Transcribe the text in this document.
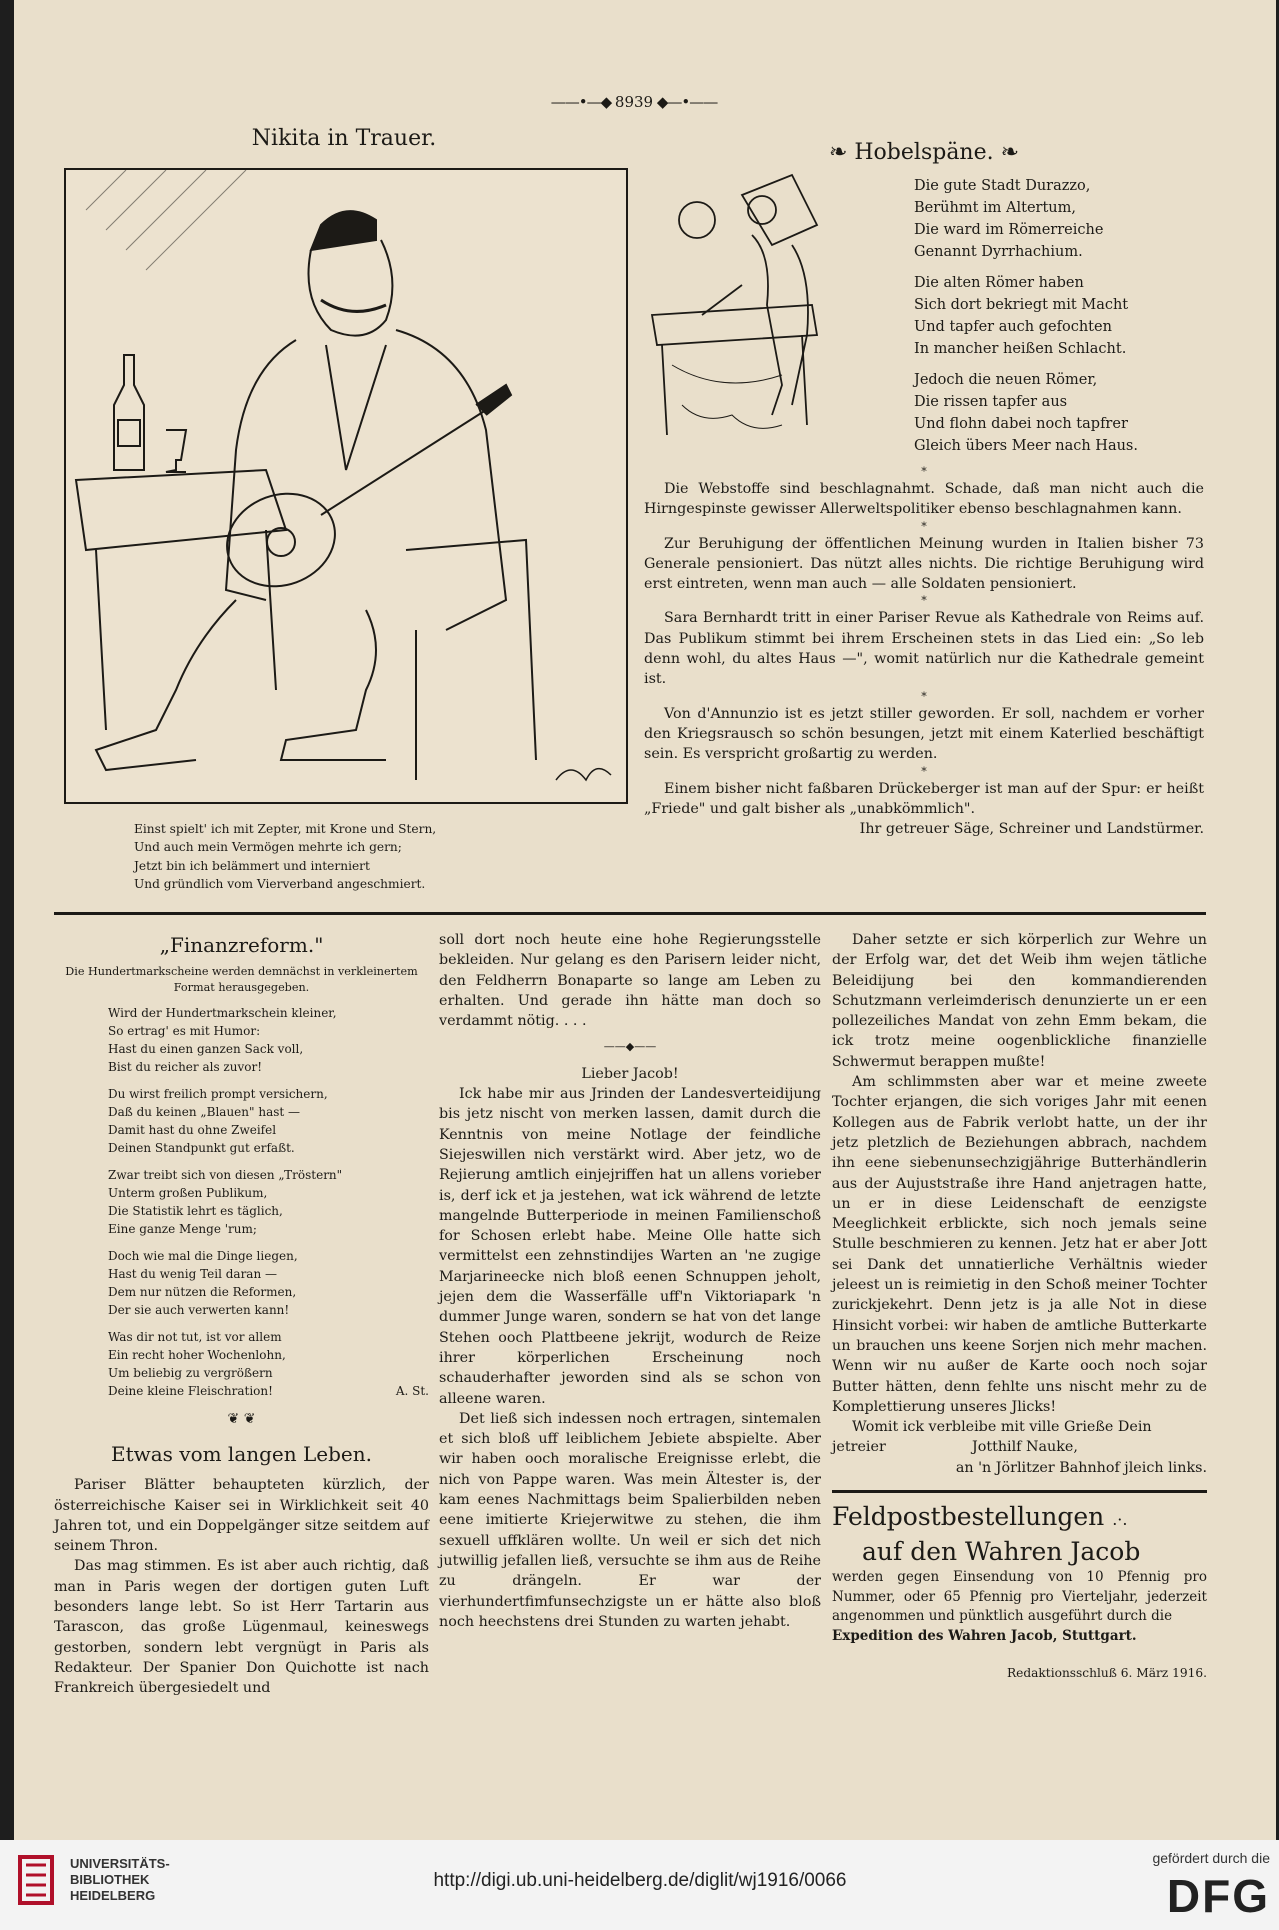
——•—◆ 8939 ◆—•——
Nikita in Trauer.

Einst spielt' ich mit Zepter, mit Krone und Stern,

Und auch mein Vermögen mehrte ich gern;

Jetzt bin ich belämmert und interniert

Und gründlich vom Vierverband angeschmiert.

❧ Hobelspäne. ❧

Die gute Stadt Durazzo,

Berühmt im Altertum,

Die ward im Römerreiche

Genannt Dyrrhachium.

Die alten Römer haben

Sich dort bekriegt mit Macht

Und tapfer auch gefochten

In mancher heißen Schlacht.

Jedoch die neuen Römer,

Die rissen tapfer aus

Und flohn dabei noch tapfrer

Gleich übers Meer nach Haus.

*

Die Webstoffe sind beschlagnahmt. Schade, daß man nicht auch die Hirngespinste gewisser Allerweltspolitiker ebenso beschlagnahmen kann.

*

Zur Beruhigung der öffentlichen Meinung wurden in Italien bisher 73 Generale pensioniert. Das nützt alles nichts. Die richtige Beruhigung wird erst eintreten, wenn man auch — alle Soldaten pensioniert.

*

Sara Bernhardt tritt in einer Pariser Revue als Kathedrale von Reims auf. Das Publikum stimmt bei ihrem Erscheinen stets in das Lied ein: „So leb denn wohl, du altes Haus —", womit natürlich nur die Kathedrale gemeint ist.

*

Von d'Annunzio ist es jetzt stiller geworden. Er soll, nachdem er vorher den Kriegsrausch so schön besungen, jetzt mit einem Katerlied beschäftigt sein. Es verspricht großartig zu werden.

*

Einem bisher nicht faßbaren Drückeberger ist man auf der Spur: er heißt „Friede" und galt bisher als „unabkömmlich".

Ihr getreuer Säge, Schreiner und Landstürmer.

„Finanzreform."

Die Hundertmarkscheine werden demnächst in verkleinertem Format herausgegeben.

Wird der Hundertmarkschein kleiner,

So ertrag' es mit Humor:

Hast du einen ganzen Sack voll,

Bist du reicher als zuvor!

Du wirst freilich prompt versichern,

Daß du keinen „Blauen" hast —

Damit hast du ohne Zweifel

Deinen Standpunkt gut erfaßt.

Zwar treibt sich von diesen „Tröstern"

Unterm großen Publikum,

Die Statistik lehrt es täglich,

Eine ganze Menge 'rum;

Doch wie mal die Dinge liegen,

Hast du wenig Teil daran —

Dem nur nützen die Reformen,

Der sie auch verwerten kann!

Was dir not tut, ist vor allem

Ein recht hoher Wochenlohn,

Um beliebig zu vergrößern

Deine kleine Fleischration!	A. St.

❦ ❦

Etwas vom langen Leben.

Pariser Blätter behaupteten kürzlich, der österreichische Kaiser sei in Wirklichkeit seit 40 Jahren tot, und ein Doppelgänger sitze seitdem auf seinem Thron.

Das mag stimmen. Es ist aber auch richtig, daß man in Paris wegen der dortigen guten Luft besonders lange lebt. So ist Herr Tartarin aus Tarascon, das große Lügenmaul, keineswegs gestorben, sondern lebt vergnügt in Paris als Redakteur. Der Spanier Don Quichotte ist nach Frankreich übergesiedelt und

soll dort noch heute eine hohe Regierungsstelle bekleiden. Nur gelang es den Parisern leider nicht, den Feldherrn Bonaparte so lange am Leben zu erhalten. Und gerade ihn hätte man doch so verdammt nötig. . . .

——◆——

Lieber Jacob!

Ick habe mir aus Jrinden der Landesverteidijung bis jetz nischt von merken lassen, damit durch die Kenntnis von meine Notlage der feindliche Siejeswillen nich verstärkt wird. Aber jetz, wo de Rejierung amtlich einjejriffen hat un allens vorieber is, derf ick et ja jestehen, wat ick während de letzte mangelnde Butterperiode in meinen Familienschoß for Schosen erlebt habe. Meine Olle hatte sich vermittelst een zehnstindijes Warten an 'ne zugige Marjarineecke nich bloß eenen Schnuppen jeholt, jejen dem die Wasserfälle uff'n Viktoriapark 'n dummer Junge waren, sondern se hat von det lange Stehen ooch Plattbeene jekrijt, wodurch de Reize ihrer körperlichen Erscheinung noch schauderhafter jeworden sind als se schon von alleene waren.

Det ließ sich indessen noch ertragen, sintemalen et sich bloß uff leiblichem Jebiete abspielte. Aber wir haben ooch moralische Ereignisse erlebt, die nich von Pappe waren. Was mein Ältester is, der kam eenes Nachmittags beim Spalierbilden neben eene imitierte Kriejerwitwe zu stehen, die ihm sexuell uffklären wollte. Un weil er sich det nich jutwillig jefallen ließ, versuchte se ihm aus de Reihe zu drängeln. Er war der vierhundertfimfunsechzigste un er hätte also bloß noch heechstens drei Stunden zu warten jehabt.

Daher setzte er sich körperlich zur Wehre un der Erfolg war, det det Weib ihm wejen tätliche Beleidijung bei den kommandierenden Schutzmann verleimderisch denunzierte un er een pollezeiliches Mandat von zehn Emm bekam, die ick trotz meine oogenblickliche finanzielle Schwermut berappen mußte!

Am schlimmsten aber war et meine zweete Tochter erjangen, die sich voriges Jahr mit eenen Kollegen aus de Fabrik verlobt hatte, un der ihr jetz pletzlich de Beziehungen abbrach, nachdem ihn eene siebenunsechzigjährige Butterhändlerin aus der Aujuststraße ihre Hand anjetragen hatte, un er in diese Leidenschaft de eenzigste Meeglichkeit erblickte, sich noch jemals seine Stulle beschmieren zu kennen. Jetz hat er aber Jott sei Dank det unnatierliche Verhältnis wieder jeleest un is reimietig in den Schoß meiner Tochter zurickjekehrt. Denn jetz is ja alle Not in diese Hinsicht vorbei: wir haben de amtliche Butterkarte un brauchen uns keene Sorjen nich mehr machen. Wenn wir nu außer de Karte ooch noch sojar Butter hätten, denn fehlte uns nischt mehr zu de Komplettierung unseres Jlicks!

Womit ick verbleibe mit ville Grieße Dein

jetreier	Jotthilf Nauke,

an 'n Jörlitzer Bahnhof jleich links.

Feldpostbestellungen .·.
auf den Wahren Jacob

werden gegen Einsendung von 10 Pfennig pro Nummer, oder 65 Pfennig pro Vierteljahr, jederzeit angenommen und pünktlich ausgeführt durch die

Expedition des Wahren Jacob, Stuttgart.

Redaktionsschluß 6. März 1916.

UNIVERSITÄTS-
BIBLIOTHEK
HEIDELBERG
http://digi.ub.uni-heidelberg.de/diglit/wj1916/0066
gefördert durch die
DFG
